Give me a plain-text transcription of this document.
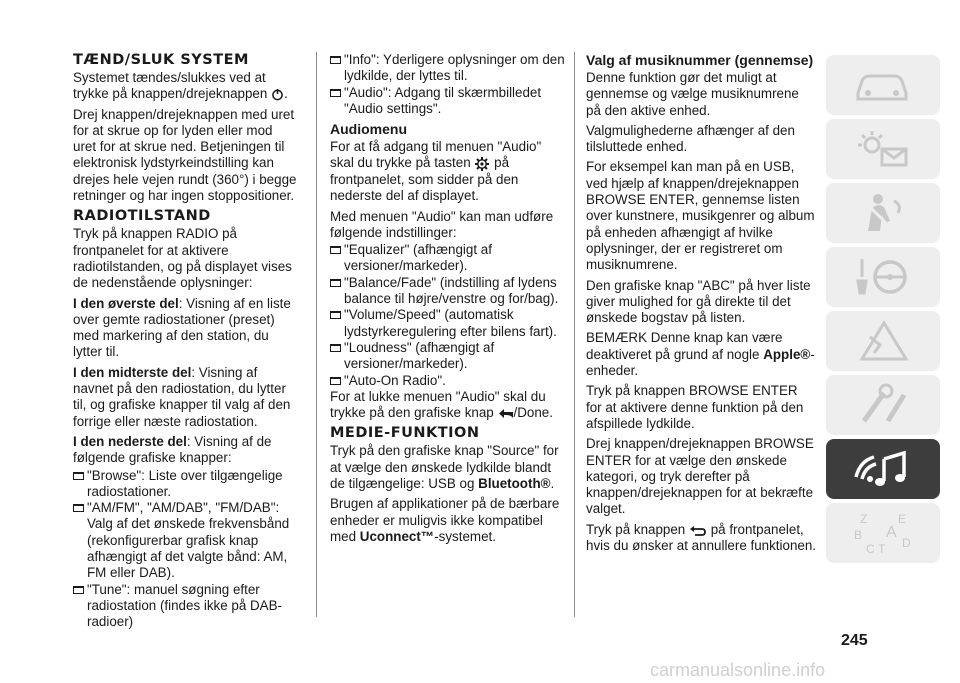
TÆND/SLUK SYSTEM

Systemet tændes/slukkes ved at trykke på knappen/drejeknappen .

Drej knappen/drejeknappen med uret for at skrue op for lyden eller mod uret for at skrue ned. Betjeningen til elektronisk lydstyrkeindstilling kan drejes hele vejen rundt (360°) i begge retninger og har ingen stoppositioner.

RADIOTILSTAND

Tryk på knappen RADIO på frontpanelet for at aktivere radiotilstanden, og på displayet vises de nedenstående oplysninger:

I den øverste del: Visning af en liste over gemte radiostationer (preset) med markering af den station, du lytter til.

I den midterste del: Visning af navnet på den radiostation, du lytter til, og grafiske knapper til valg af den forrige eller næste radiostation.

I den nederste del: Visning af de følgende grafiske knapper:

"Browse": Liste over tilgængelige radiostationer.
"AM/FM", "AM/DAB", "FM/DAB": Valg af det ønskede frekvensbånd (rekonfigurerbar grafisk knap afhængigt af det valgte bånd: AM, FM eller DAB).
"Tune": manuel søgning efter radiostation (findes ikke på DAB-radioer)
"Info": Yderligere oplysninger om den lydkilde, der lyttes til.
"Audio": Adgang til skærmbilledet "Audio settings".
Audiomenu

For at få adgang til menuen "Audio" skal du trykke på tasten på frontpanelet, som sidder på den nederste del af displayet.

Med menuen "Audio" kan man udføre følgende indstillinger:

"Equalizer" (afhængigt af versioner/markeder).
"Balance/Fade" (indstilling af lydens balance til højre/venstre og for/bag).
"Volume/Speed" (automatisk lydstyrkeregulering efter bilens fart).
"Loudness" (afhængigt af versioner/markeder).
"Auto-On Radio".

For at lukke menuen "Audio" skal du trykke på den grafiske knap /Done.

MEDIE-FUNKTION

Tryk på den grafiske knap "Source" for at vælge den ønskede lydkilde blandt de tilgængelige: USB og Bluetooth®.

Brugen af applikationer på de bærbare enheder er muligvis ikke kompatibel med Uconnect™-systemet.

Valg af musiknummer (gennemse)

Denne funktion gør det muligt at gennemse og vælge musiknumrene på den aktive enhed.

Valgmulighederne afhænger af den tilsluttede enhed.

For eksempel kan man på en USB, ved hjælp af knappen/drejeknappen BROWSE ENTER, gennemse listen over kunstnere, musikgenrer og album på enheden afhængigt af hvilke oplysninger, der er registreret om musiknumrene.

Den grafiske knap "ABC" på hver liste giver mulighed for gå direkte til det ønskede bogstav på listen.

BEMÆRK Denne knap kan være deaktiveret på grund af nogle Apple®-enheder.

Tryk på knappen BROWSE ENTER for at aktivere denne funktion på den afspillede lydkilde.

Drej knappen/drejeknappen BROWSE ENTER for at vælge den ønskede kategori, og tryk derefter på knappen/drejeknappen for at bekræfte valget.

Tryk på knappen på frontpanelet, hvis du ønsker at annullere funktionen.

Z	E
B A
C T D
245
carmanualsonline.info
